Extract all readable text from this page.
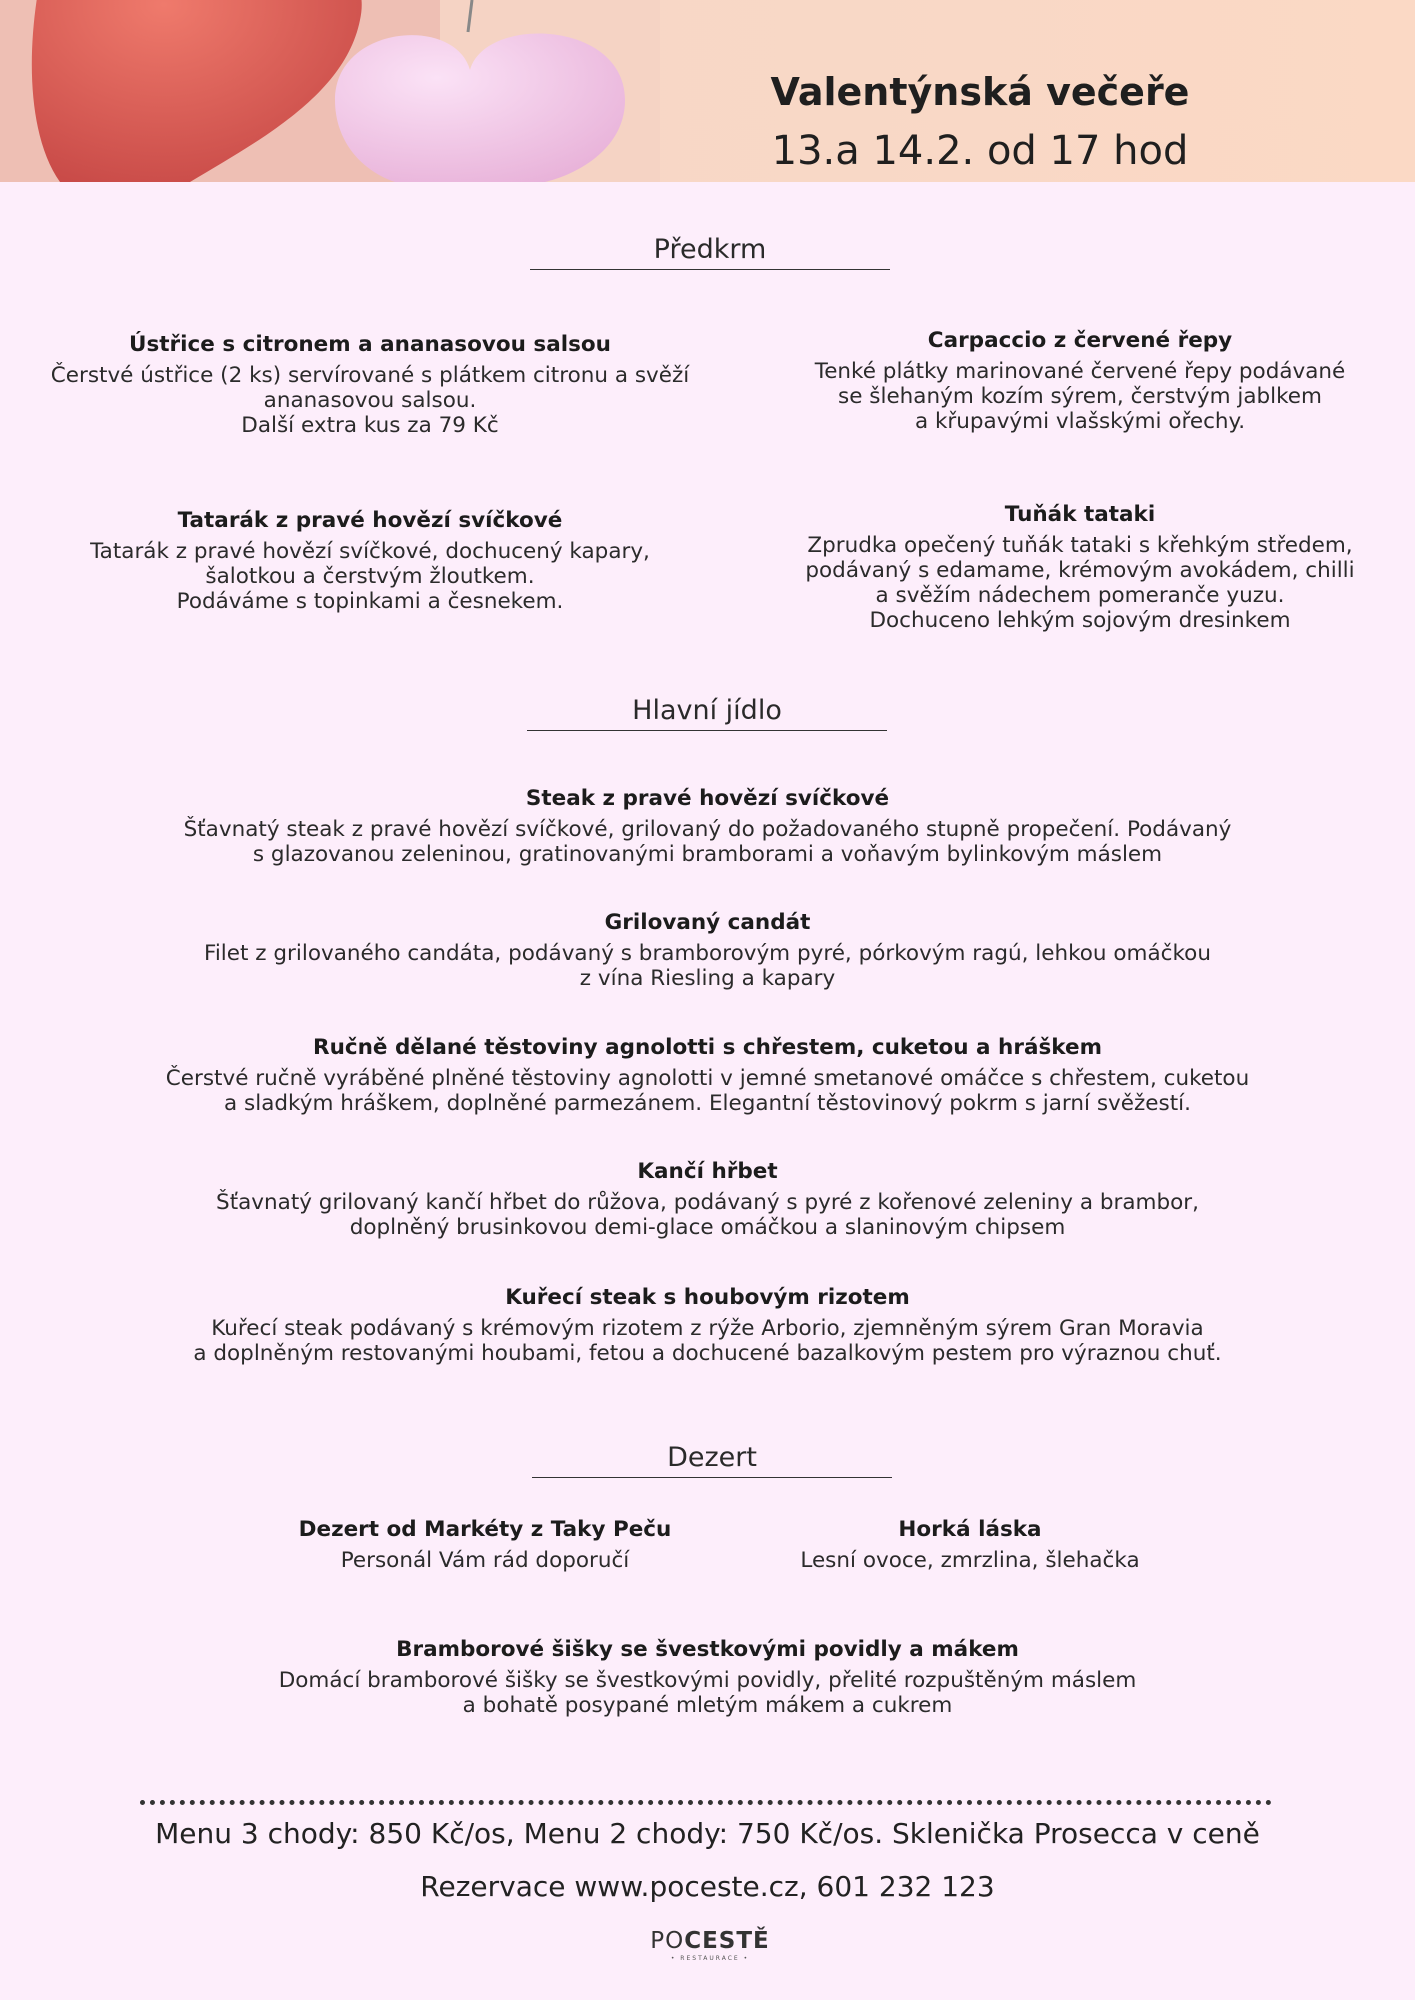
Valentýnská večeře
13.a 14.2. od 17 hod
Předkrm

Ústřice s citronem a ananasovou salsou

Čerstvé ústřice (2 ks) servírované s plátkem citronu a svěží
ananasovou salsou.
Další extra kus za 79 Kč

Carpaccio z červené řepy

Tenké plátky marinované červené řepy podávané
se šlehaným kozím sýrem, čerstvým jablkem
a křupavými vlašskými ořechy.

Tatarák z pravé hovězí svíčkové

Tatarák z pravé hovězí svíčkové, dochucený kapary,
šalotkou a čerstvým žloutkem.
Podáváme s topinkami a česnekem.

Tuňák tataki

Zprudka opečený tuňák tataki s křehkým středem,
podávaný s edamame, krémovým avokádem, chilli
a svěžím nádechem pomeranče yuzu.
Dochuceno lehkým sojovým dresinkem
Hlavní jídlo

Steak z pravé hovězí svíčkové

Šťavnatý steak z pravé hovězí svíčkové, grilovaný do požadovaného stupně propečení. Podávaný
s glazovanou zeleninou, gratinovanými bramborami a voňavým bylinkovým máslem

Grilovaný candát

Filet z grilovaného candáta, podávaný s bramborovým pyré, pórkovým ragú, lehkou omáčkou
z vína Riesling a kapary

Ručně dělané těstoviny agnolotti s chřestem, cuketou a hráškem

Čerstvé ručně vyráběné plněné těstoviny agnolotti v jemné smetanové omáčce s chřestem, cuketou
a sladkým hráškem, doplněné parmezánem. Elegantní těstovinový pokrm s jarní svěžestí.

Kančí hřbet

Šťavnatý grilovaný kančí hřbet do růžova, podávaný s pyré z kořenové zeleniny a brambor,
doplněný brusinkovou demi-glace omáčkou a slaninovým chipsem

Kuřecí steak s houbovým rizotem

Kuřecí steak podávaný s krémovým rizotem z rýže Arborio, zjemněným sýrem Gran Moravia
a doplněným restovanými houbami, fetou a dochucené bazalkovým pestem pro výraznou chuť.
Dezert

Dezert od Markéty z Taky Peču

Personál Vám rád doporučí

Horká láska

Lesní ovoce, zmrzlina, šlehačka

Bramborové šišky se švestkovými povidly a mákem

Domácí bramborové šišky se švestkovými povidly, přelité rozpuštěným máslem
a bohatě posypané mletým mákem a cukrem
Menu 3 chody: 850 Kč/os, Menu 2 chody: 750 Kč/os. Sklenička Prosecca v ceně
Rezervace www.poceste.cz, 601 232 123
POCESTĚ
• RESTAURACE •
